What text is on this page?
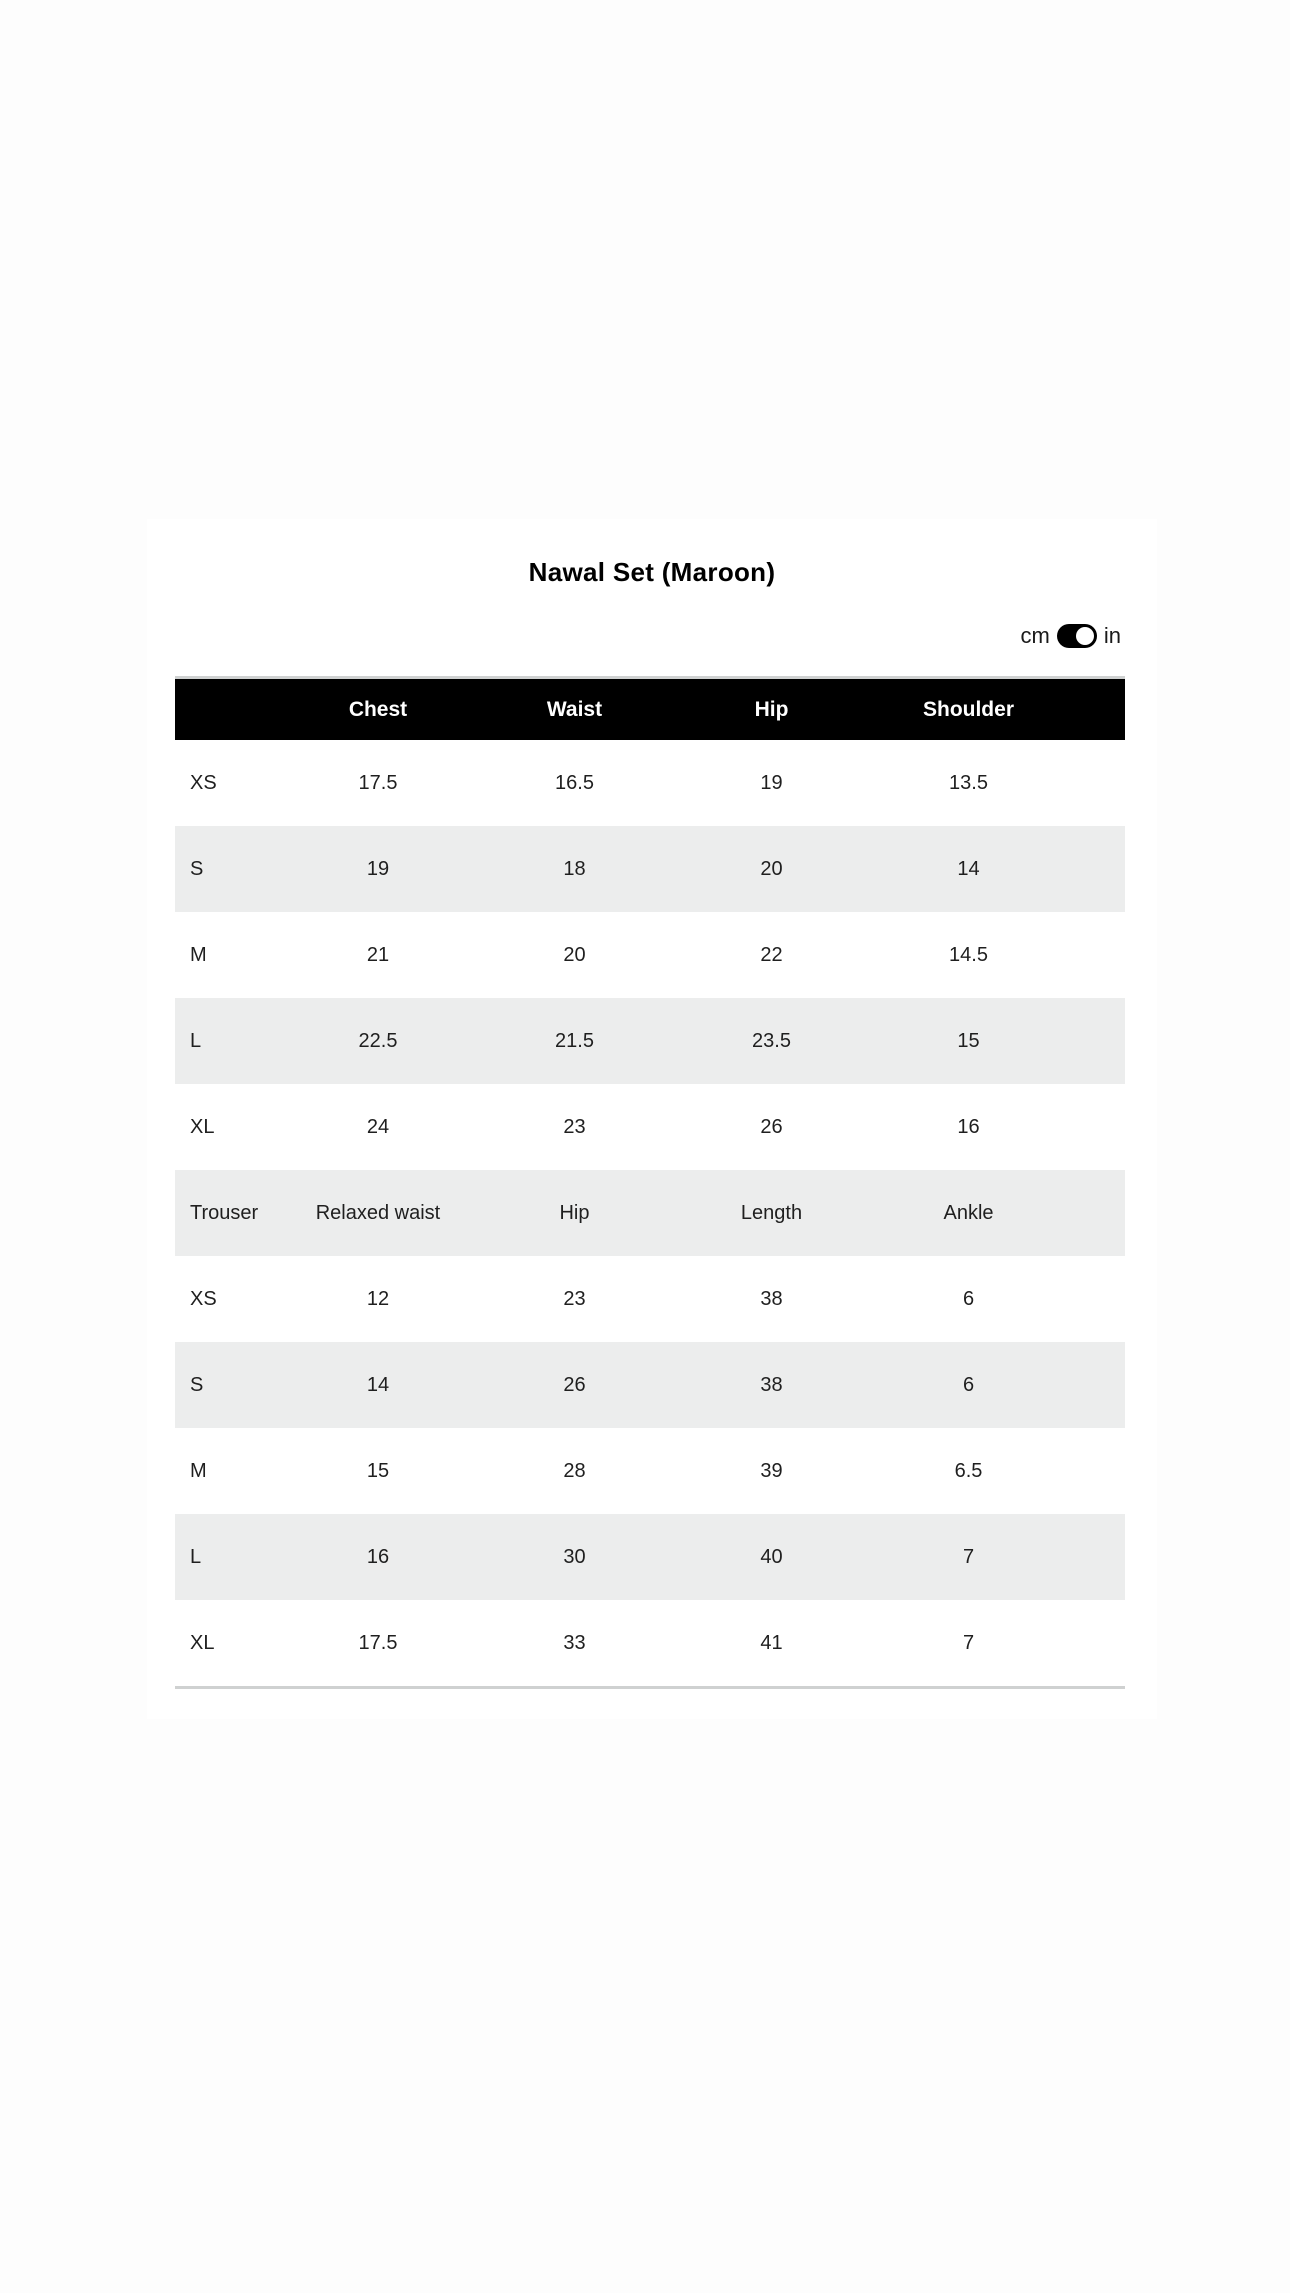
Nawal Set (Maroon)
cm in
	Chest	Waist	Hip	Shoulder	
XS	17.5	16.5	19	13.5	
S	19	18	20	14	
M	21	20	22	14.5	
L	22.5	21.5	23.5	15	
XL	24	23	26	16	
Trouser	Relaxed waist	Hip	Length	Ankle	
XS	12	23	38	6	
S	14	26	38	6	
M	15	28	39	6.5	
L	16	30	40	7	
XL	17.5	33	41	7	
